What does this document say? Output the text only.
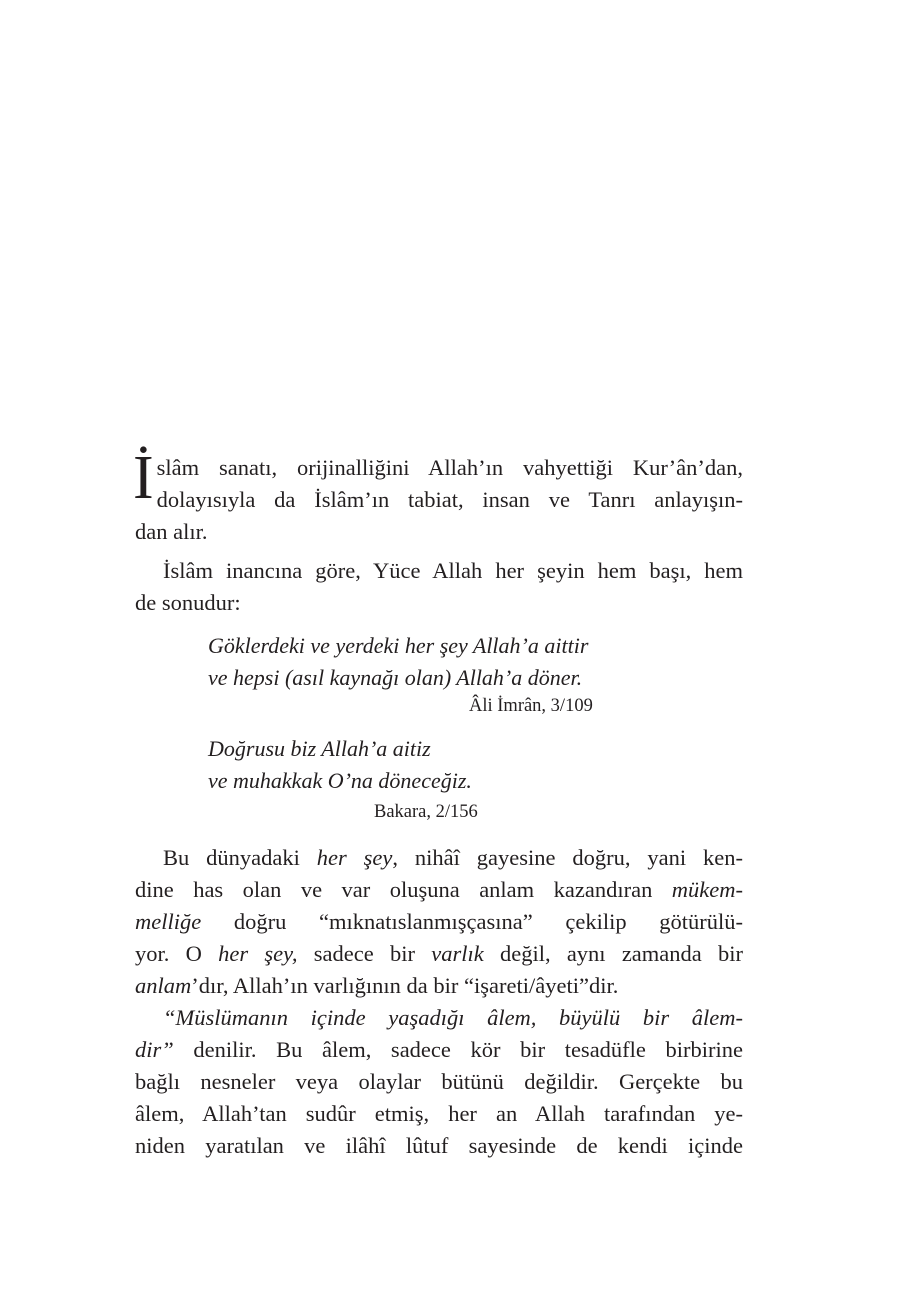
İ slâm sanatı, orijinalliğini Allah’ın vahyettiği Kur’ân’dan,
dolayısıyla da İslâm’ın tabiat, insan ve Tanrı anlayışın-
dan alır.
İslâm inancına göre, Yüce Allah her şeyin hem başı, hem
de sonudur:
Göklerdeki ve yerdeki her şey Allah’a aittir
ve hepsi (asıl kaynağı olan) Allah’a döner.
Âli İmrân, 3/109
Doğrusu biz Allah’a aitiz
ve muhakkak O’na döneceğiz.
Bakara, 2/156
Bu dünyadaki her şey, nihâî gayesine doğru, yani ken-
dine has olan ve var oluşuna anlam kazandıran mükem-
melliğe doğru “mıknatıslanmışçasına” çekilip götürülü-
yor. O her şey, sadece bir varlık değil, aynı zamanda bir
anlam’dır, Allah’ın varlığının da bir “işareti/âyeti”dir.
“Müslümanın içinde yaşadığı âlem, büyülü bir âlem-
dir” denilir. Bu âlem, sadece kör bir tesadüfle birbirine
bağlı nesneler veya olaylar bütünü değildir. Gerçekte bu
âlem, Allah’tan sudûr etmiş, her an Allah tarafından ye-
niden yaratılan ve ilâhî lûtuf sayesinde de kendi içinde
